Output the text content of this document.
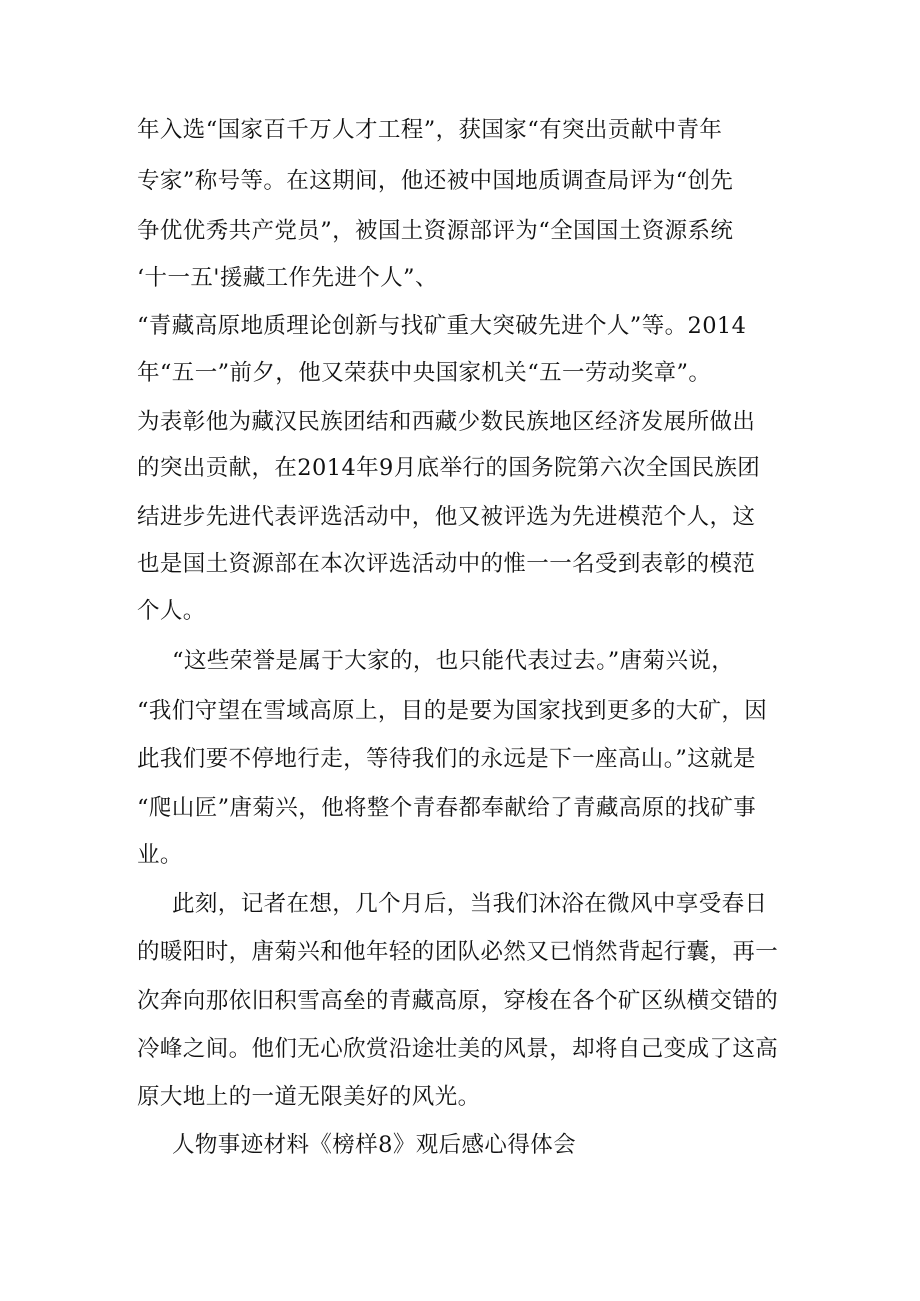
年入选“国家百千万人才工程”，获国家“有突出贡献中青年
专家”称号等。在这期间，他还被中国地质调查局评为“创先
争优优秀共产党员”，被国土资源部评为“全国国土资源系统
‘十一五'援藏工作先进个人”、
“青藏高原地质理论创新与找矿重大突破先进个人”等。2014
年“五一”前夕，他又荣获中央国家机关“五一劳动奖章”。
为表彰他为藏汉民族团结和西藏少数民族地区经济发展所做出
的突出贡献，在2014年9月底举行的国务院第六次全国民族团
结进步先进代表评选活动中，他又被评选为先进模范个人，这
也是国土资源部在本次评选活动中的惟一一名受到表彰的模范
个人。
“这些荣誉是属于大家的，也只能代表过去。”唐菊兴说，
“我们守望在雪域高原上，目的是要为国家找到更多的大矿，因
此我们要不停地行走，等待我们的永远是下一座高山。”这就是
“爬山匠”唐菊兴，他将整个青春都奉献给了青藏高原的找矿事
业。
此刻，记者在想，几个月后，当我们沐浴在微风中享受春日
的暖阳时，唐菊兴和他年轻的团队必然又已悄然背起行囊，再一
次奔向那依旧积雪高垒的青藏高原，穿梭在各个矿区纵横交错的
冷峰之间。他们无心欣赏沿途壮美的风景，却将自己变成了这高
原大地上的一道无限美好的风光。
人物事迹材料《榜样8》观后感心得体会
